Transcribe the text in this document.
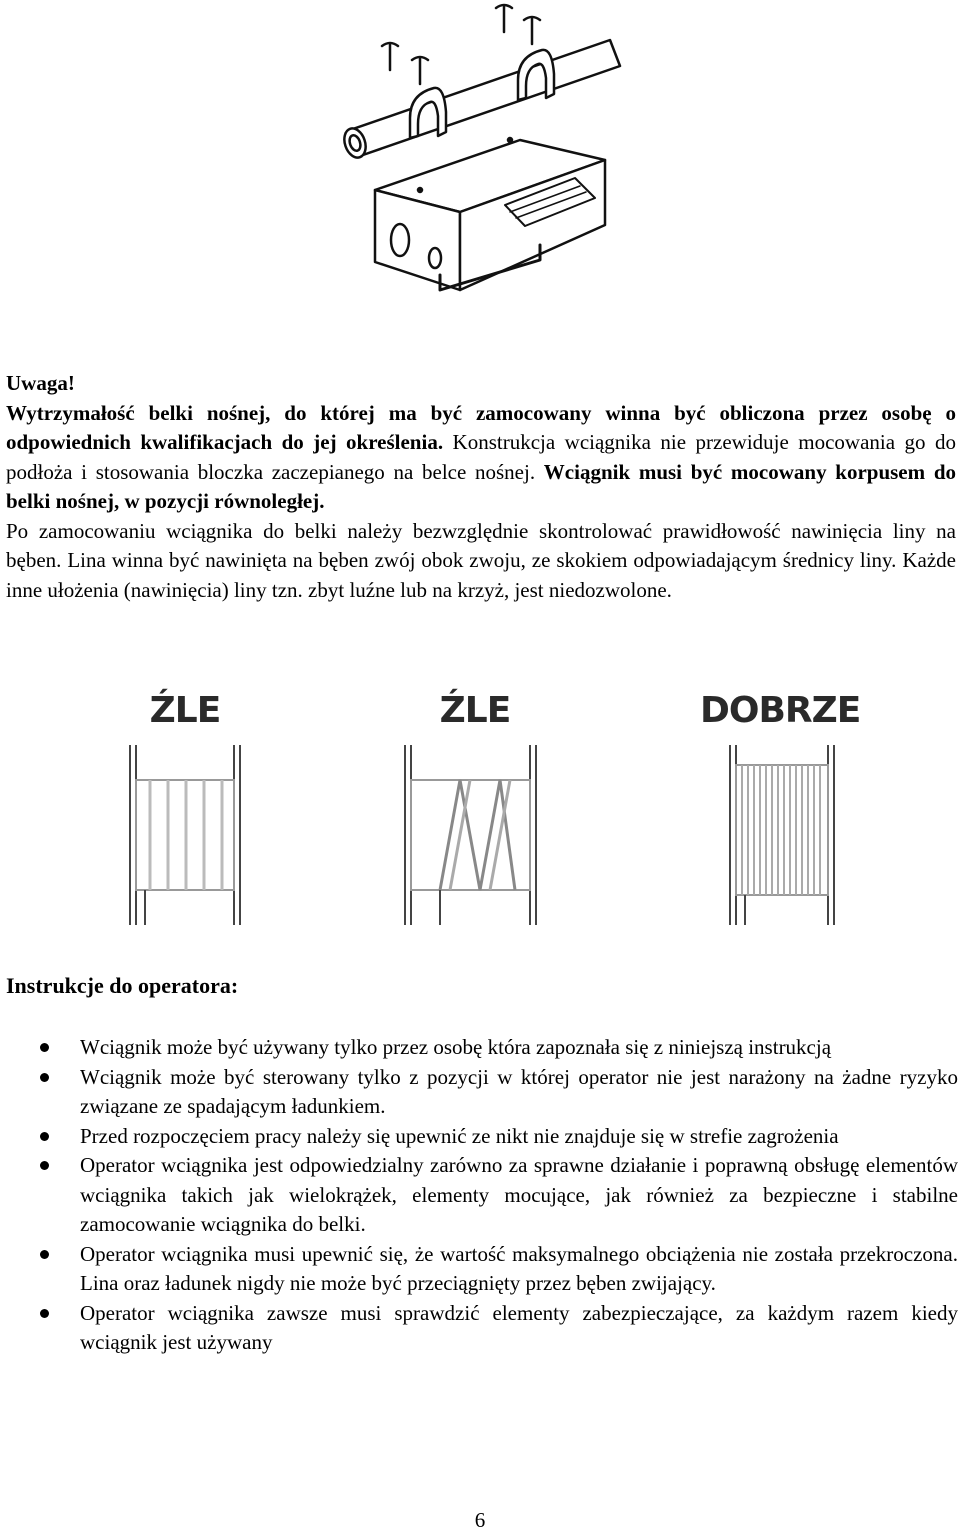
Uwaga!

Wytrzymałość belki nośnej, do której ma być zamocowany winna być obliczona przez osobę o odpowiednich kwalifikacjach do jej określenia. Konstrukcja wciągnika nie przewiduje mocowania go do podłoża i stosowania bloczka zaczepianego na belce nośnej. Wciągnik musi być mocowany korpusem do belki nośnej, w pozycji równoległej.

Po zamocowaniu wciągnika do belki należy bezwzględnie skontrolować prawidłowość nawinięcia liny na bęben. Lina winna być nawinięta na bęben zwój obok zwoju, ze skokiem odpowiadającym średnicy liny. Każde inne ułożenia (nawinięcia) liny tzn. zbyt luźne lub na krzyż, jest niedozwolone.

ŹLE	ŹLE	DOBRZE
Instrukcje do operatora:
Wciągnik może być używany tylko przez osobę która zapoznała się z niniejszą instrukcją
Wciągnik może być sterowany tylko z pozycji w której operator nie jest narażony na żadne ryzyko związane ze spadającym ładunkiem.
Przed rozpoczęciem pracy należy się upewnić ze nikt nie znajduje się w strefie zagrożenia
Operator wciągnika jest odpowiedzialny zarówno za sprawne działanie i poprawną obsługę elementów wciągnika takich jak wielokrążek, elementy mocujące, jak również za bezpieczne i stabilne zamocowanie wciągnika do belki.
Operator wciągnika musi upewnić się, że wartość maksymalnego obciążenia nie została przekroczona. Lina oraz ładunek nigdy nie może być przeciągnięty przez bęben zwijający.
Operator wciągnika zawsze musi sprawdzić elementy zabezpieczające, za każdym razem kiedy wciągnik jest używany
6
